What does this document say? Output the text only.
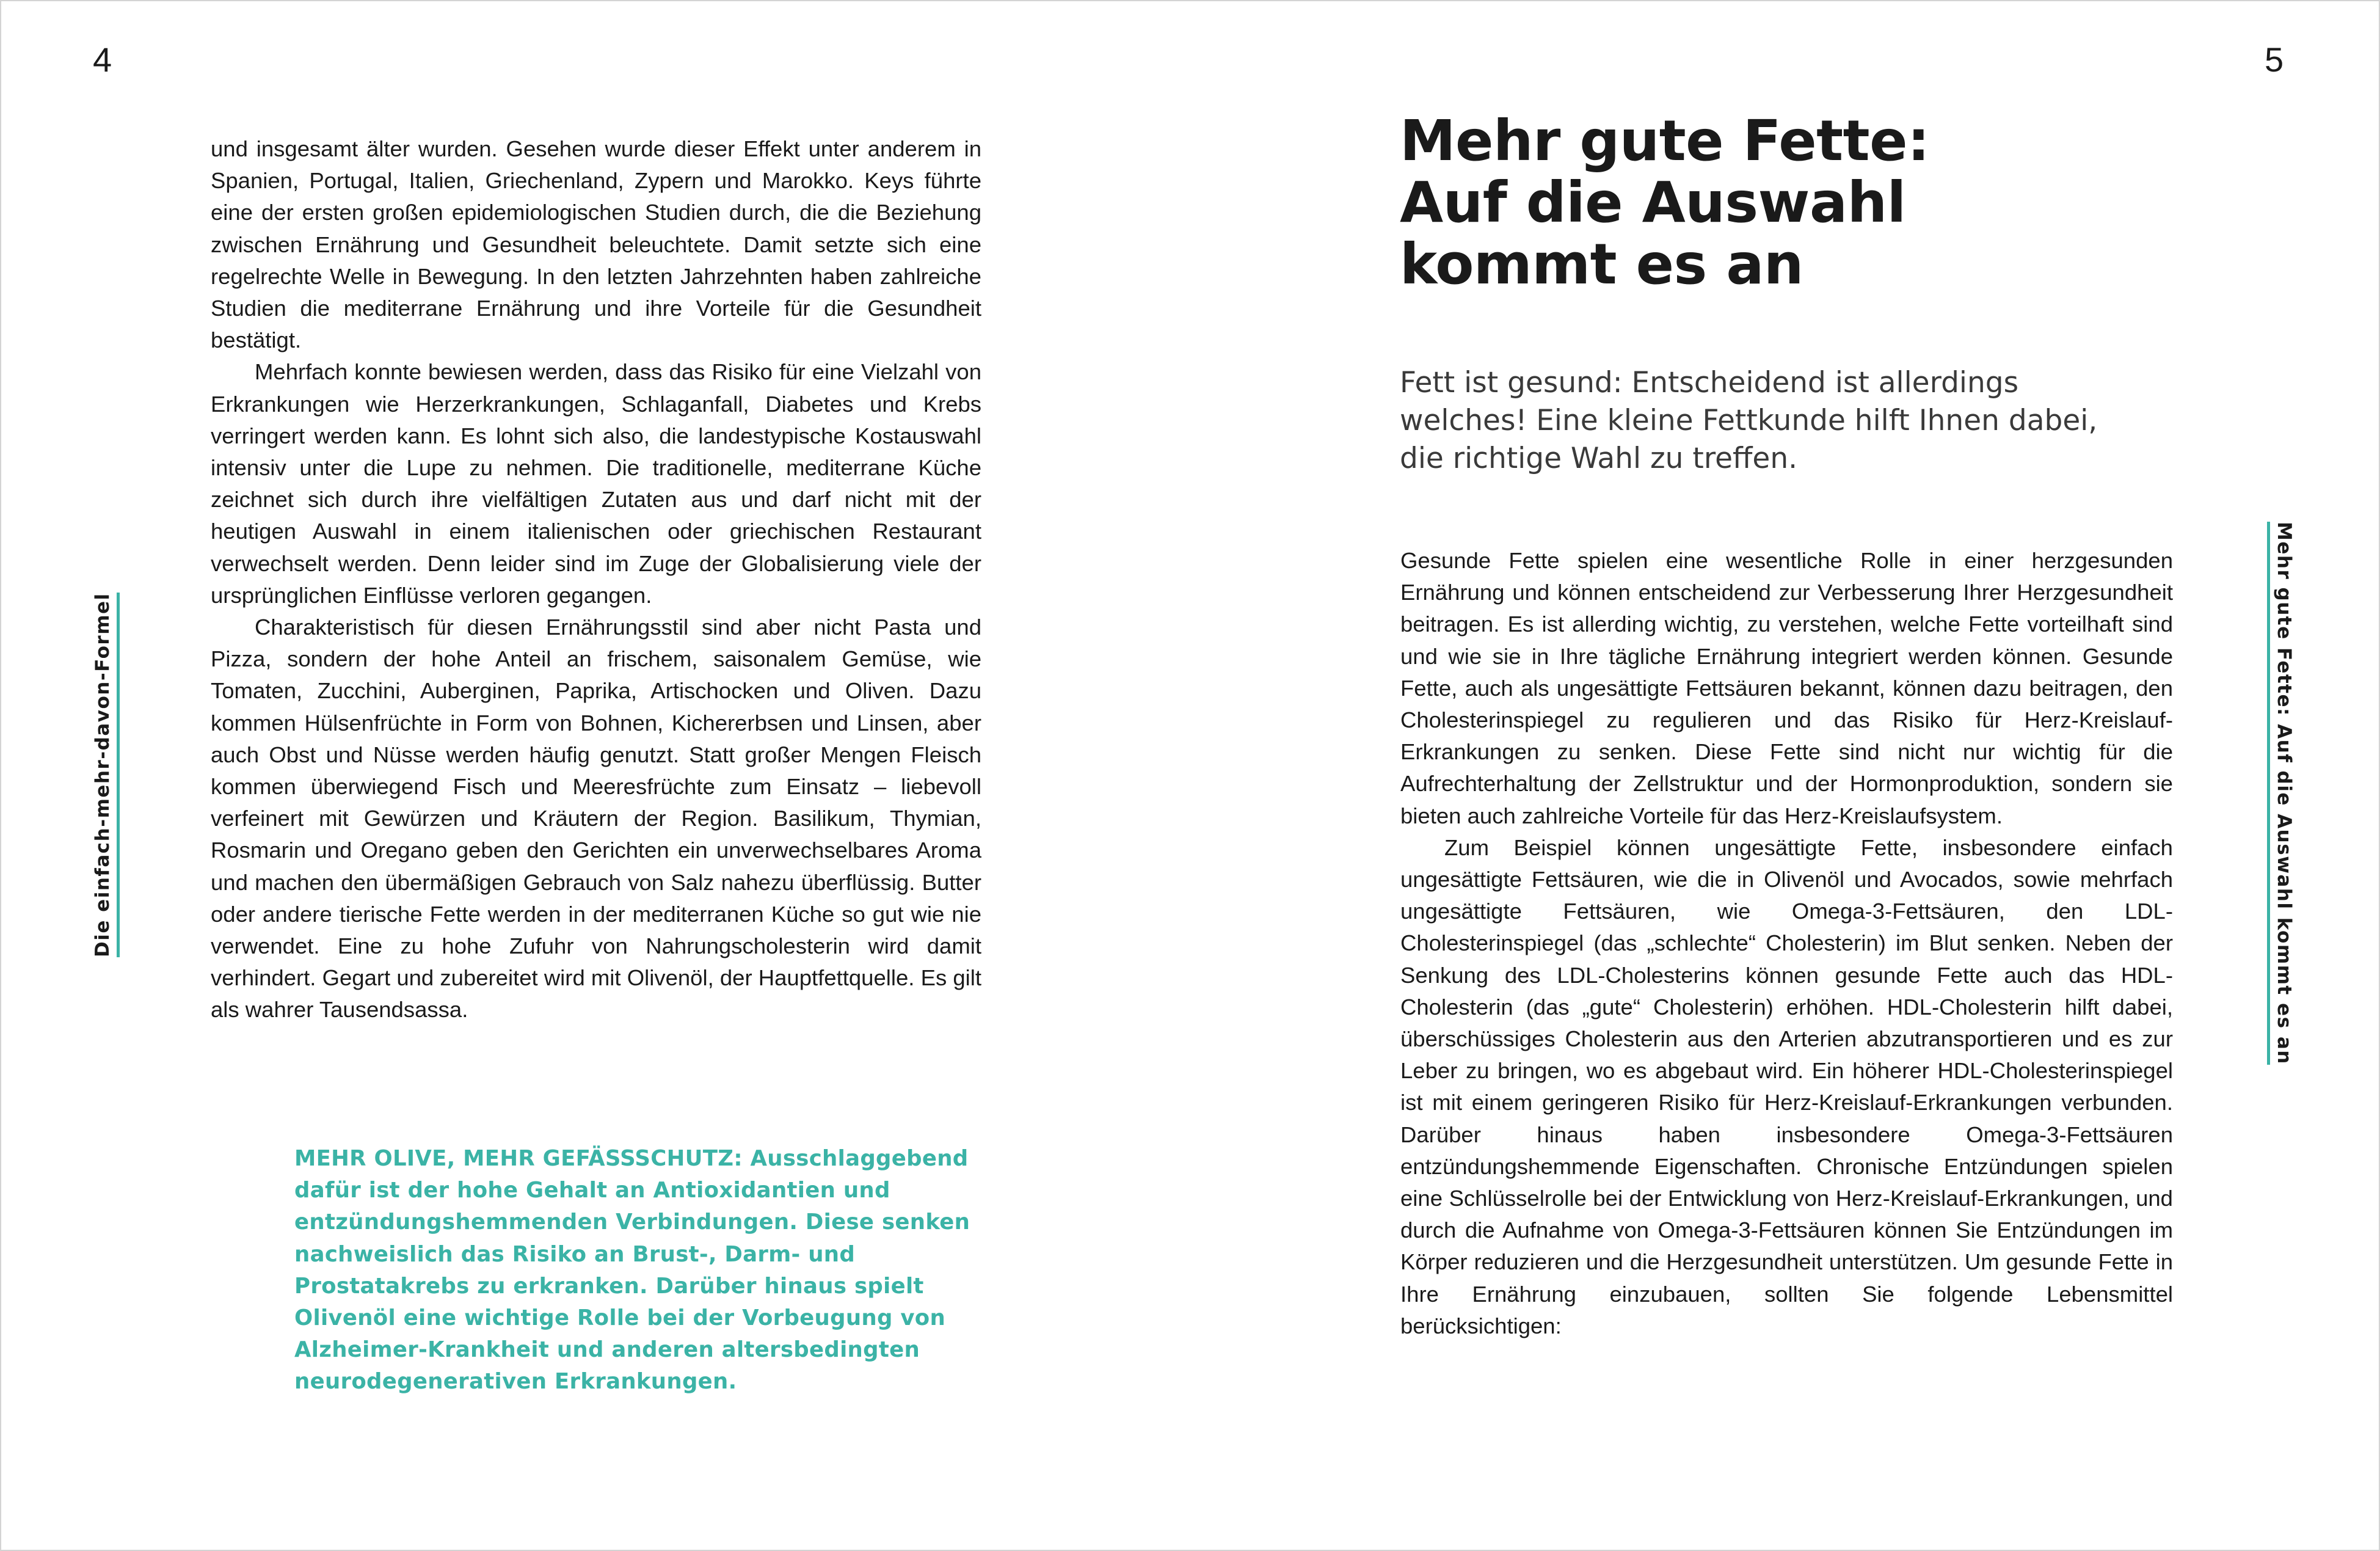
4
Die einfach-mehr-davon-Formel

und insgesamt älter wurden. Gesehen wurde dieser Effekt unter anderem in Spanien, Portugal, Italien, Griechenland, Zypern und Marokko. Keys führte eine der ersten großen epidemiologischen Studien durch, die die Beziehung zwischen Ernährung und Gesundheit beleuchtete. Damit setzte sich eine regelrechte Welle in Bewegung. In den letzten Jahrzehnten haben zahlreiche Studien die mediterrane Ernährung und ihre Vorteile für die Gesundheit bestätigt.

Mehrfach konnte bewiesen werden, dass das Risiko für eine Vielzahl von Erkrankungen wie Herzerkrankungen, Schlaganfall, Diabetes und Krebs verringert werden kann. Es lohnt sich also, die landestypische Kostauswahl intensiv unter die Lupe zu nehmen. Die traditionelle, mediterrane Küche zeichnet sich durch ihre vielfältigen Zutaten aus und darf nicht mit der heutigen Auswahl in einem italienischen oder griechischen Restaurant verwechselt werden. Denn leider sind im Zuge der Globalisierung viele der ursprünglichen Einflüsse verloren gegangen.

Charakteristisch für diesen Ernährungsstil sind aber nicht Pasta und Pizza, sondern der hohe Anteil an frischem, saisonalem Gemüse, wie Tomaten, Zucchini, Auberginen, Paprika, Artischocken und Oliven. Dazu kommen Hülsenfrüchte in Form von Bohnen, Kichererbsen und Linsen, aber auch Obst und Nüsse werden häufig genutzt. Statt großer Mengen Fleisch kommen überwiegend Fisch und Meeresfrüchte zum Einsatz – liebevoll verfeinert mit Gewürzen und Kräutern der Region. Basilikum, Thymian, Rosmarin und Oregano geben den Gerichten ein unverwechselbares Aroma und machen den übermäßigen Gebrauch von Salz nahezu überflüssig. Butter oder andere tierische Fette werden in der mediterranen Küche so gut wie nie verwendet. Eine zu hohe Zufuhr von Nahrungscholesterin wird damit verhindert. Gegart und zubereitet wird mit Olivenöl, der Hauptfettquelle. Es gilt als wahrer Tausendsassa.

MEHR OLIVE, MEHR GEFÄSSSCHUTZ: Ausschlaggebend dafür ist der hohe Gehalt an Antioxidantien und entzündungshemmenden Verbindungen. Diese senken nachweislich das Risiko an Brust-, Darm- und Prostatakrebs zu erkranken. Darüber hinaus spielt Olivenöl eine wichtige Rolle bei der Vorbeugung von Alzheimer-Krankheit und anderen altersbedingten neurodegenerativen Erkrankungen.

5
Mehr gute Fette: Auf die Auswahl kommt es an
Mehr gute Fette:
Auf die Auswahl
kommt es an

Fett ist gesund: Entscheidend ist allerdings
welches! Eine kleine Fettkunde hilft Ihnen dabei,
die richtige Wahl zu treffen.

Gesunde Fette spielen eine wesentliche Rolle in einer herzgesunden Ernährung und können entscheidend zur Verbesserung Ihrer Herzgesundheit beitragen. Es ist allerding wichtig, zu verstehen, welche Fette vorteilhaft sind und wie sie in Ihre tägliche Ernährung integriert werden können. Gesunde Fette, auch als ungesättigte Fettsäuren bekannt, können dazu beitragen, den Cholesterinspiegel zu regulieren und das Risiko für Herz-Kreislauf-Erkrankungen zu senken. Diese Fette sind nicht nur wichtig für die Aufrechterhaltung der Zellstruktur und der Hormonproduktion, sondern sie bieten auch zahlreiche Vorteile für das Herz-Kreislaufsystem.

Zum Beispiel können ungesättigte Fette, insbesondere einfach ungesättigte Fettsäuren, wie die in Olivenöl und Avocados, sowie mehrfach ungesättigte Fettsäuren, wie Omega-3-Fettsäuren, den LDL-Cholesterinspiegel (das „schlechte“ Cholesterin) im Blut senken. Neben der Senkung des LDL-Cholesterins können gesunde Fette auch das HDL-Cholesterin (das „gute“ Cholesterin) erhöhen. HDL-Cholesterin hilft dabei, überschüssiges Cholesterin aus den Arterien abzutransportieren und es zur Leber zu bringen, wo es abgebaut wird. Ein höherer HDL-Cholesterinspiegel ist mit einem geringeren Risiko für Herz-Kreislauf-Erkrankungen verbunden. Darüber hinaus haben insbesondere Omega-3-Fettsäuren entzündungshemmende Eigenschaften. Chronische Entzündungen spielen eine Schlüsselrolle bei der Entwicklung von Herz-Kreislauf-Erkrankungen, und durch die Aufnahme von Omega-3-Fettsäuren können Sie Entzündungen im Körper reduzieren und die Herzgesundheit unterstützen. Um gesunde Fette in Ihre Ernährung einzubauen, sollten Sie folgende Lebensmittel berücksichtigen:
